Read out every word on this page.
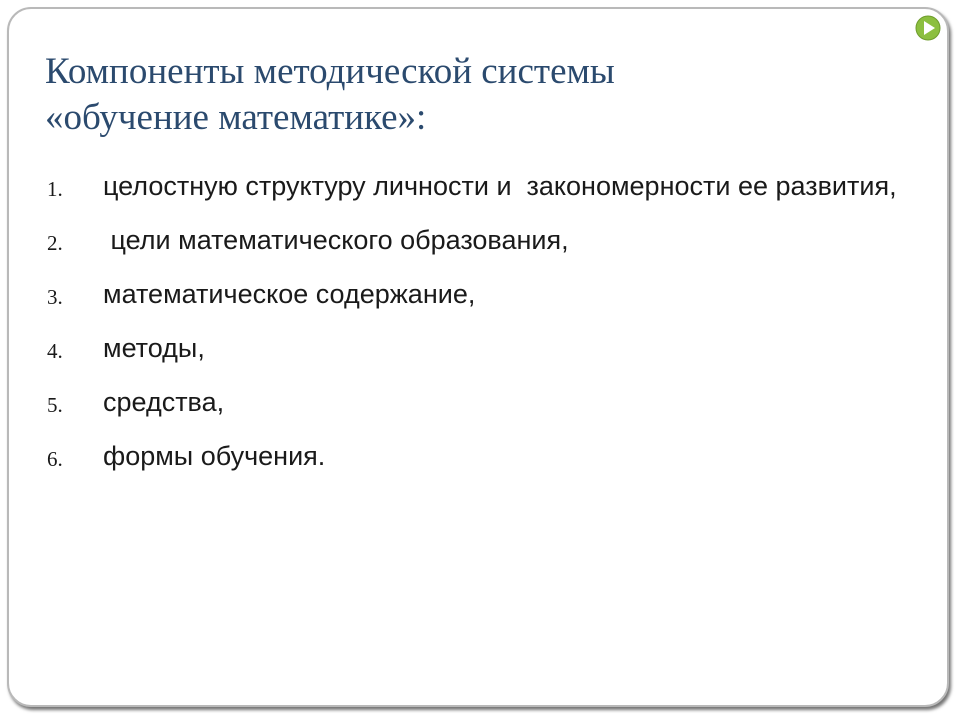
Компоненты методической системы
«обучение математике»:
1.	целостную структуру личности и  закономерности ее развития,
2.	цели математического образования,
3.	математическое содержание,
4.	методы,
5.	средства,
6.	формы обучения.
